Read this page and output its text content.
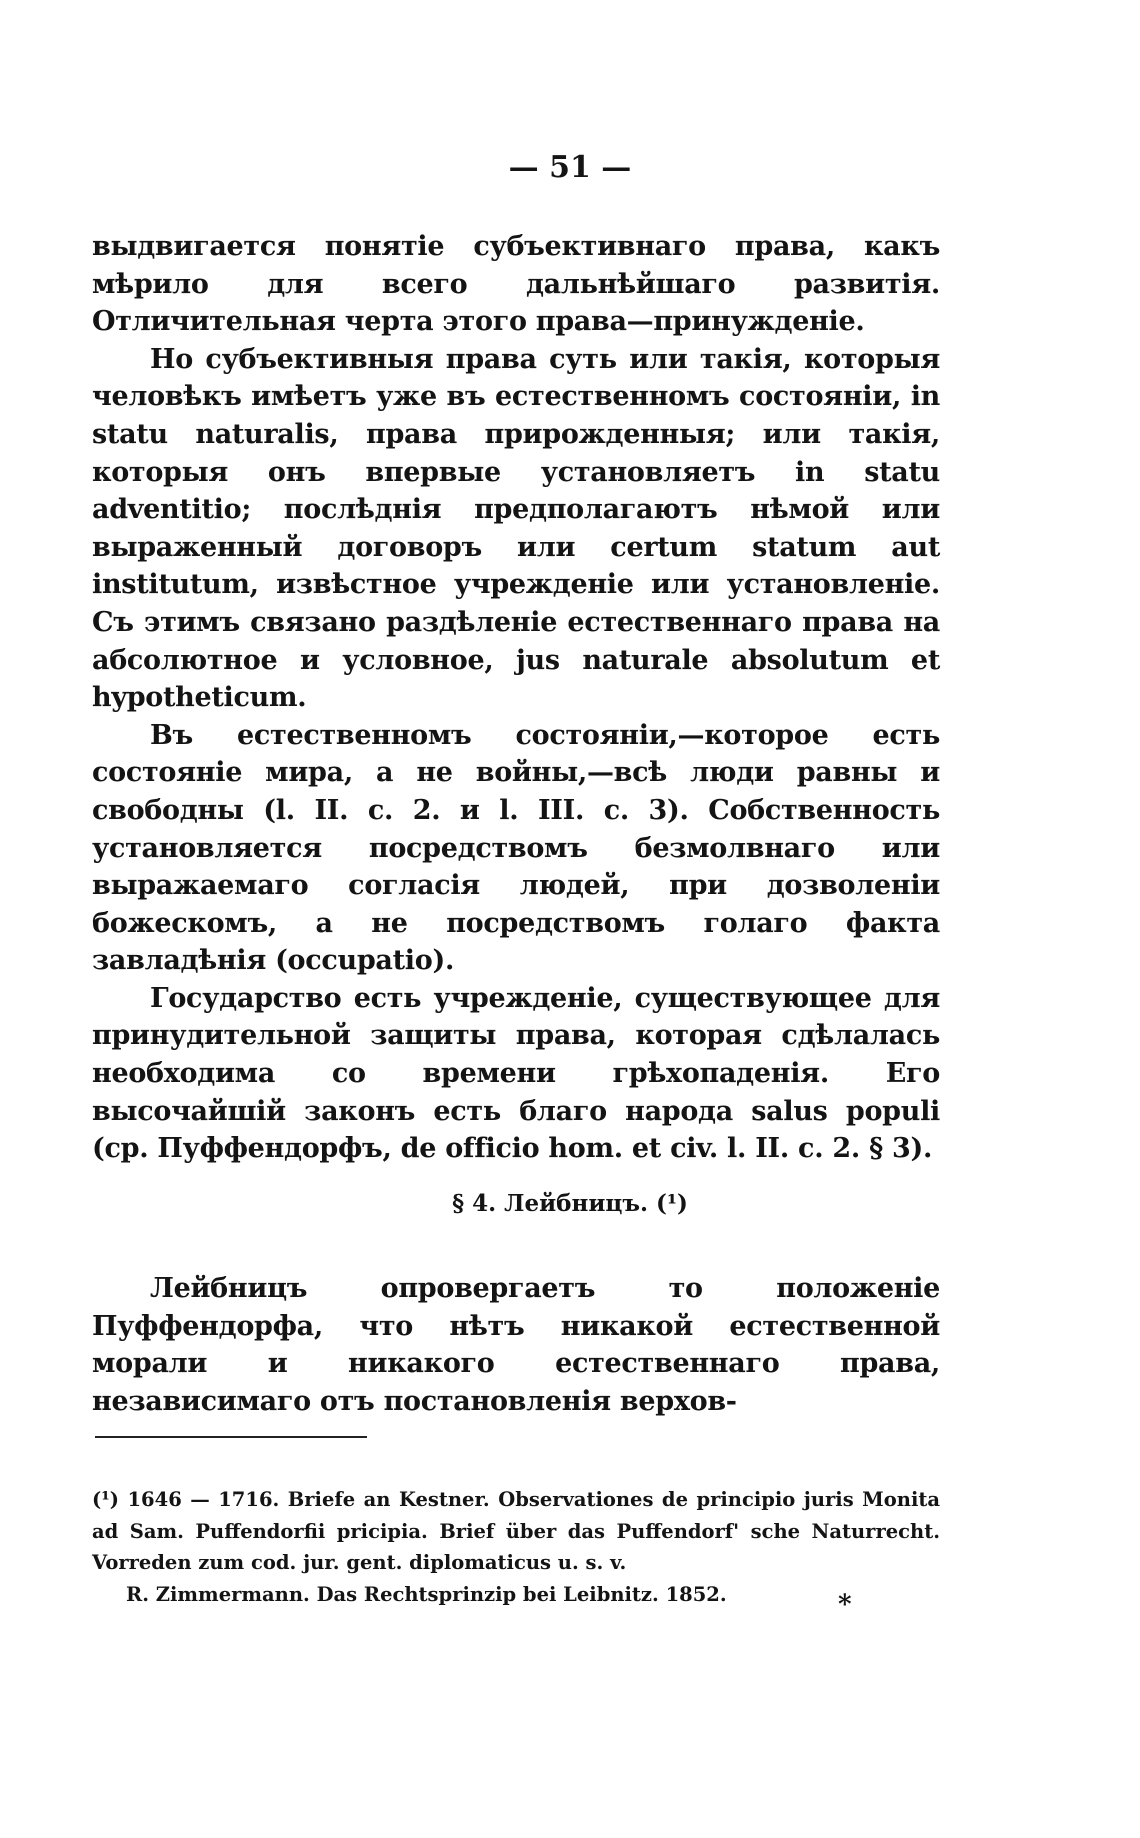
— 51 —

выдвигается понятіе субъективнаго права, какъ мѣрило для всего дальнѣйшаго развитія. Отличительная черта этого права—принужденіе.

Но субъективныя права суть или такія, которыя человѣкъ имѣетъ уже въ естественномъ состояніи, in statu naturalis, права прирожденныя; или такія, которыя онъ впервые установляетъ in statu adventitio; послѣднія предполагаютъ нѣмой или выраженный договоръ или certum statum aut institutum, извѣстное учрежденіе или установленіе. Съ этимъ связано раздѣленіе естественнаго права на абсолютное и условное, jus naturale absolutum et hypotheticum.

Въ естественномъ состояніи,—которое есть состояніе мира, а не войны,—всѣ люди равны и свободны (l. II. c. 2. и l. III. c. 3). Собственность установляется посредствомъ безмолвнаго или выражаемаго согласія людей, при дозволеніи божескомъ, а не посредствомъ голаго факта завладѣнія (occupatio).

Государство есть учрежденіе, существующее для принудительной защиты права, которая сдѣлалась необходима со времени грѣхопаденія. Его высочайшій законъ есть благо народа salus populi (ср. Пуффендорфъ, de officio hom. et civ. l. II. c. 2. § 3).

§ 4. Лейбницъ. (¹)

Лейбницъ опровергаетъ то положеніе Пуффендорфа, что нѣтъ никакой естественной морали и никакого естественнаго права, независимаго отъ постановленія верхов-

(¹) 1646 — 1716. Briefe an Kestner. Observationes de principio juris Monita ad Sam. Puffendorfii pricipia. Brief über das Puffendorf' sche Naturrecht. Vorreden zum cod. jur. gent. diplomaticus u. s. v.

R. Zimmermann. Das Rechtsprinzip bei Leibnitz. 1852.	*
